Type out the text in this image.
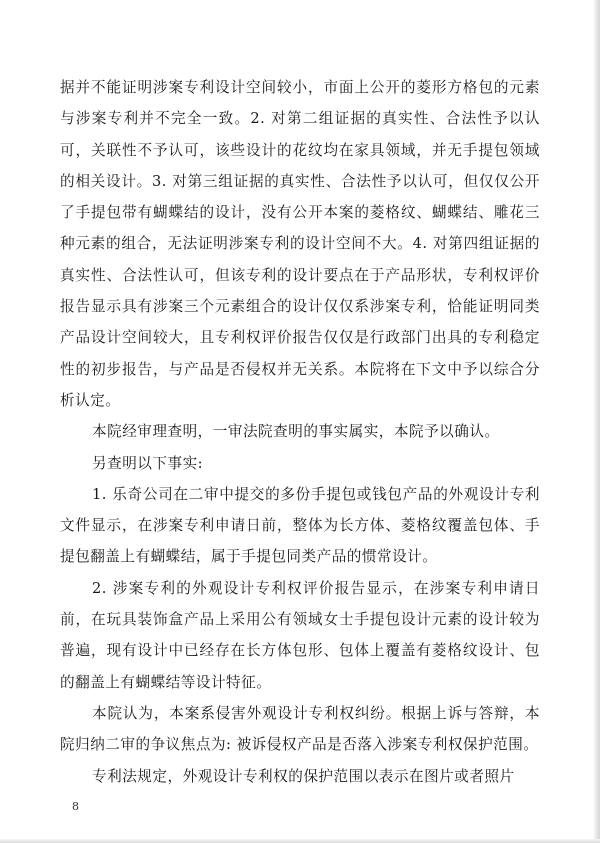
据并不能证明涉案专利设计空间较小，市面上公开的菱形方格包的元素与涉案专利并不完全一致。2. 对第二组证据的真实性、合法性予以认可，关联性不予认可，该些设计的花纹均在家具领域，并无手提包领域的相关设计。3. 对第三组证据的真实性、合法性予以认可，但仅仅公开了手提包带有蝴蝶结的设计，没有公开本案的菱格纹、蝴蝶结、雕花三种元素的组合，无法证明涉案专利的设计空间不大。4. 对第四组证据的真实性、合法性认可，但该专利的设计要点在于产品形状，专利权评价报告显示具有涉案三个元素组合的设计仅仅系涉案专利，恰能证明同类产品设计空间较大，且专利权评价报告仅仅是行政部门出具的专利稳定性的初步报告，与产品是否侵权并无关系。本院将在下文中予以综合分析认定。

本院经审理查明，一审法院查明的事实属实，本院予以确认。

另查明以下事实:

1. 乐奇公司在二审中提交的多份手提包或钱包产品的外观设计专利文件显示，在涉案专利申请日前，整体为长方体、菱格纹覆盖包体、手提包翻盖上有蝴蝶结，属于手提包同类产品的惯常设计。

2. 涉案专利的外观设计专利权评价报告显示，在涉案专利申请日前，在玩具装饰盒产品上采用公有领域女士手提包设计元素的设计较为普遍，现有设计中已经存在长方体包形、包体上覆盖有菱格纹设计、包的翻盖上有蝴蝶结等设计特征。

本院认为，本案系侵害外观设计专利权纠纷。根据上诉与答辩，本院归纳二审的争议焦点为: 被诉侵权产品是否落入涉案专利权保护范围。

专利法规定，外观设计专利权的保护范围以表示在图片或者照片

8
